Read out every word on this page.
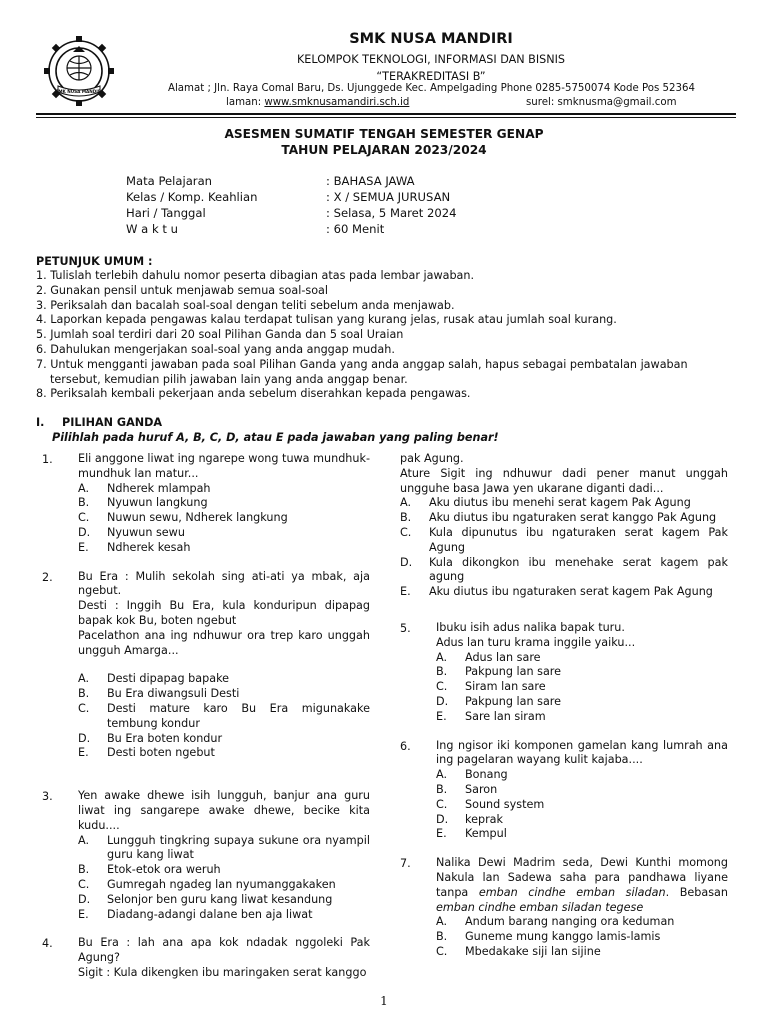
SMK NUSA MANDIRI
SMK NUSA MANDIRI
KELOMPOK TEKNOLOGI, INFORMASI DAN BISNIS
“TERAKREDITASI B”
Alamat ; Jln. Raya Comal Baru, Ds. Ujunggede Kec. Ampelgading Phone 0285-5750074 Kode Pos 52364
laman: www.smknusamandiri.sch.id	surel: smknusma@gmail.com
ASESMEN SUMATIF TENGAH SEMESTER GENAP
TAHUN PELAJARAN 2023/2024
Mata Pelajaran	: BAHASA JAWA
Kelas / Komp. Keahlian	: X / SEMUA JURUSAN
Hari / Tanggal	: Selasa, 5 Maret 2024
W a k t u	: 60 Menit
PETUNJUK UMUM :
1. Tulislah terlebih dahulu nomor peserta dibagian atas pada lembar jawaban.
2. Gunakan pensil untuk menjawab semua soal-soal
3. Periksalah dan bacalah soal-soal dengan teliti sebelum anda menjawab.
4. Laporkan kepada pengawas kalau terdapat tulisan yang kurang jelas, rusak atau jumlah soal kurang.
5. Jumlah soal terdiri dari 20 soal Pilihan Ganda dan 5 soal Uraian
6. Dahulukan mengerjakan soal-soal yang anda anggap mudah.
7. Untuk mengganti jawaban pada soal Pilihan Ganda yang anda anggap salah, hapus sebagai pembatalan jawaban
tersebut, kemudian pilih jawaban lain yang anda anggap benar.
8. Periksalah kembali pekerjaan anda sebelum diserahkan kepada pengawas.
I. PILIHAN GANDA
Pilihlah pada huruf A, B, C, D, atau E pada jawaban yang paling benar!
1.	Eli anggone liwat ing ngarepe wong tuwa mundhuk-mundhuk lan matur...
A.	Ndherek mlampah
B.	Nyuwun langkung
C.	Nuwun sewu, Ndherek langkung
D.	Nyuwun sewu
E.	Ndherek kesah
2.	Bu Era : Mulih sekolah sing ati-ati ya mbak, aja ngebut.
Desti : Inggih Bu Era, kula konduripun dipapag bapak kok Bu, boten ngebut
Pacelathon ana ing ndhuwur ora trep karo unggah ungguh Amarga...
A.	Desti dipapag bapake
B.	Bu Era diwangsuli Desti
C.	Desti mature karo Bu Era migunakake tembung kondur
D.	Bu Era boten kondur
E.	Desti boten ngebut
3.	Yen awake dhewe isih lungguh, banjur ana guru liwat ing sangarepe awake dhewe, becike kita kudu....
A.	Lungguh tingkring supaya sukune ora nyampil guru kang liwat
B.	Etok-etok ora weruh
C.	Gumregah ngadeg lan nyumanggakaken
D.	Selonjor ben guru kang liwat kesandung
E.	Diadang-adangi dalane ben aja liwat
4.	Bu Era : lah ana apa kok ndadak nggoleki Pak Agung?
Sigit : Kula dikengken ibu maringaken serat kanggo
pak Agung.
Ature Sigit ing ndhuwur dadi pener manut unggah ungguhe basa Jawa yen ukarane diganti dadi...
A.	Aku diutus ibu menehi serat kagem Pak Agung
B.	Aku diutus ibu ngaturaken serat kanggo Pak Agung
C.	Kula dipunutus ibu ngaturaken serat kagem Pak Agung
D.	Kula dikongkon ibu menehake serat kagem pak agung
E.	Aku diutus ibu ngaturaken serat kagem Pak Agung
5.	Ibuku isih adus nalika bapak turu.
Adus lan turu krama inggile yaiku...
A.	Adus lan sare
B.	Pakpung lan sare
C.	Siram lan sare
D.	Pakpung lan sare
E.	Sare lan siram
6.	Ing ngisor iki komponen gamelan kang lumrah ana ing pagelaran wayang kulit kajaba....
A.	Bonang
B.	Saron
C.	Sound system
D.	keprak
E.	Kempul
7.	Nalika Dewi Madrim seda, Dewi Kunthi momong Nakula lan Sadewa saha para pandhawa liyane tanpa emban cindhe emban siladan. Bebasan emban cindhe emban siladan tegese
A.	Andum barang nanging ora keduman
B.	Guneme mung kanggo lamis-lamis
C.	Mbedakake siji lan sijine
1
